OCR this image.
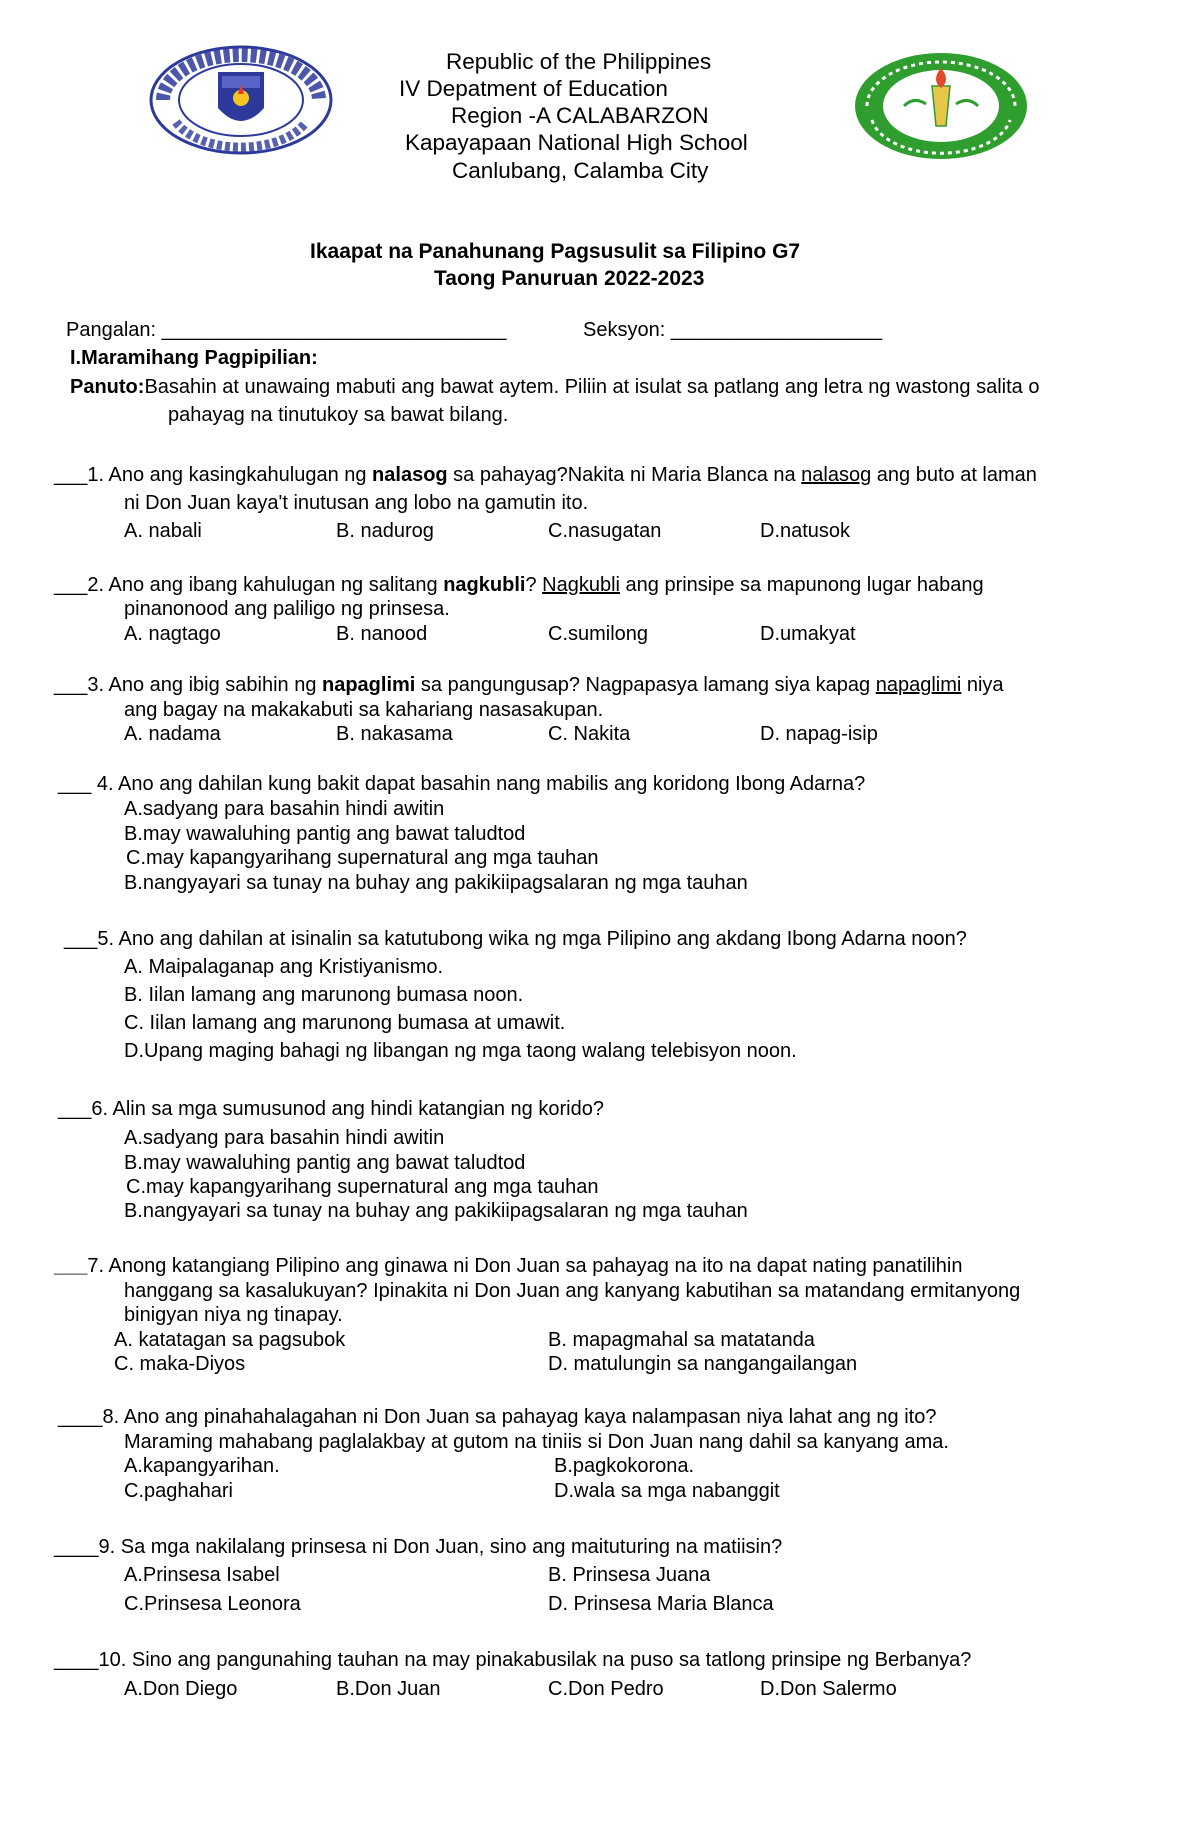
Republic of the Philippines
IV Depatment of Education
Region -A CALABARZON
Kapayapaan National High School
Canlubang, Calamba City
Ikaapat na Panahunang Pagsusulit sa Filipino G7
Taong Panuruan 2022-2023
Pangalan: _______________________________	Seksyon: ___________________
I.Maramihang Pagpipilian:
Panuto:Basahin at unawaing mabuti ang bawat aytem. Piliin at isulat sa patlang ang letra ng wastong salita o
pahayag na tinutukoy sa bawat bilang.
___1. Ano ang kasingkahulugan ng nalasog sa pahayag?Nakita ni Maria Blanca na nalasog ang buto at laman
ni Don Juan kaya't inutusan ang lobo na gamutin ito.
A. nabali	B. nadurog	C.nasugatan	D.natusok
___2. Ano ang ibang kahulugan ng salitang nagkubli? Nagkubli ang prinsipe sa mapunong lugar habang
pinanonood ang paliligo ng prinsesa.
A. nagtago	B. nanood	C.sumilong	D.umakyat
___3. Ano ang ibig sabihin ng napaglimi sa pangungusap? Nagpapasya lamang siya kapag napaglimi niya
ang bagay na makakabuti sa kahariang nasasakupan.
A. nadama	B. nakasama	C. Nakita	D. napag-isip
___ 4. Ano ang dahilan kung bakit dapat basahin nang mabilis ang koridong Ibong Adarna?
A.sadyang para basahin hindi awitin
B.may wawaluhing pantig ang bawat taludtod
C.may kapangyarihang supernatural ang mga tauhan
B.nangyayari sa tunay na buhay ang pakikiipagsalaran ng mga tauhan
___5. Ano ang dahilan at isinalin sa katutubong wika ng mga Pilipino ang akdang Ibong Adarna noon?
A. Maipalaganap ang Kristiyanismo.
B. Iilan lamang ang marunong bumasa noon.
C. Iilan lamang ang marunong bumasa at umawit.
D.Upang maging bahagi ng libangan ng mga taong walang telebisyon noon.
___6. Alin sa mga sumusunod ang hindi katangian ng korido?
A.sadyang para basahin hindi awitin
B.may wawaluhing pantig ang bawat taludtod
C.may kapangyarihang supernatural ang mga tauhan
B.nangyayari sa tunay na buhay ang pakikiipagsalaran ng mga tauhan
___7. Anong katangiang Pilipino ang ginawa ni Don Juan sa pahayag na ito na dapat nating panatilihin
hanggang sa kasalukuyan? Ipinakita ni Don Juan ang kanyang kabutihan sa matandang ermitanyong
binigyan niya ng tinapay.
A. katatagan sa pagsubok	B. mapagmahal sa matatanda
C. maka-Diyos	D. matulungin sa nangangailangan
____8. Ano ang pinahahalagahan ni Don Juan sa pahayag kaya nalampasan niya lahat ang ng ito?
Maraming mahabang paglalakbay at gutom na tiniis si Don Juan nang dahil sa kanyang ama.
A.kapangyarihan.	B.pagkokorona.
C.paghahari	D.wala sa mga nabanggit
____9. Sa mga nakilalang prinsesa ni Don Juan, sino ang maituturing na matiisin?
A.Prinsesa Isabel	B. Prinsesa Juana
C.Prinsesa Leonora	D. Prinsesa Maria Blanca
____10. Sino ang pangunahing tauhan na may pinakabusilak na puso sa tatlong prinsipe ng Berbanya?
A.Don Diego	B.Don Juan	C.Don Pedro	D.Don Salermo
